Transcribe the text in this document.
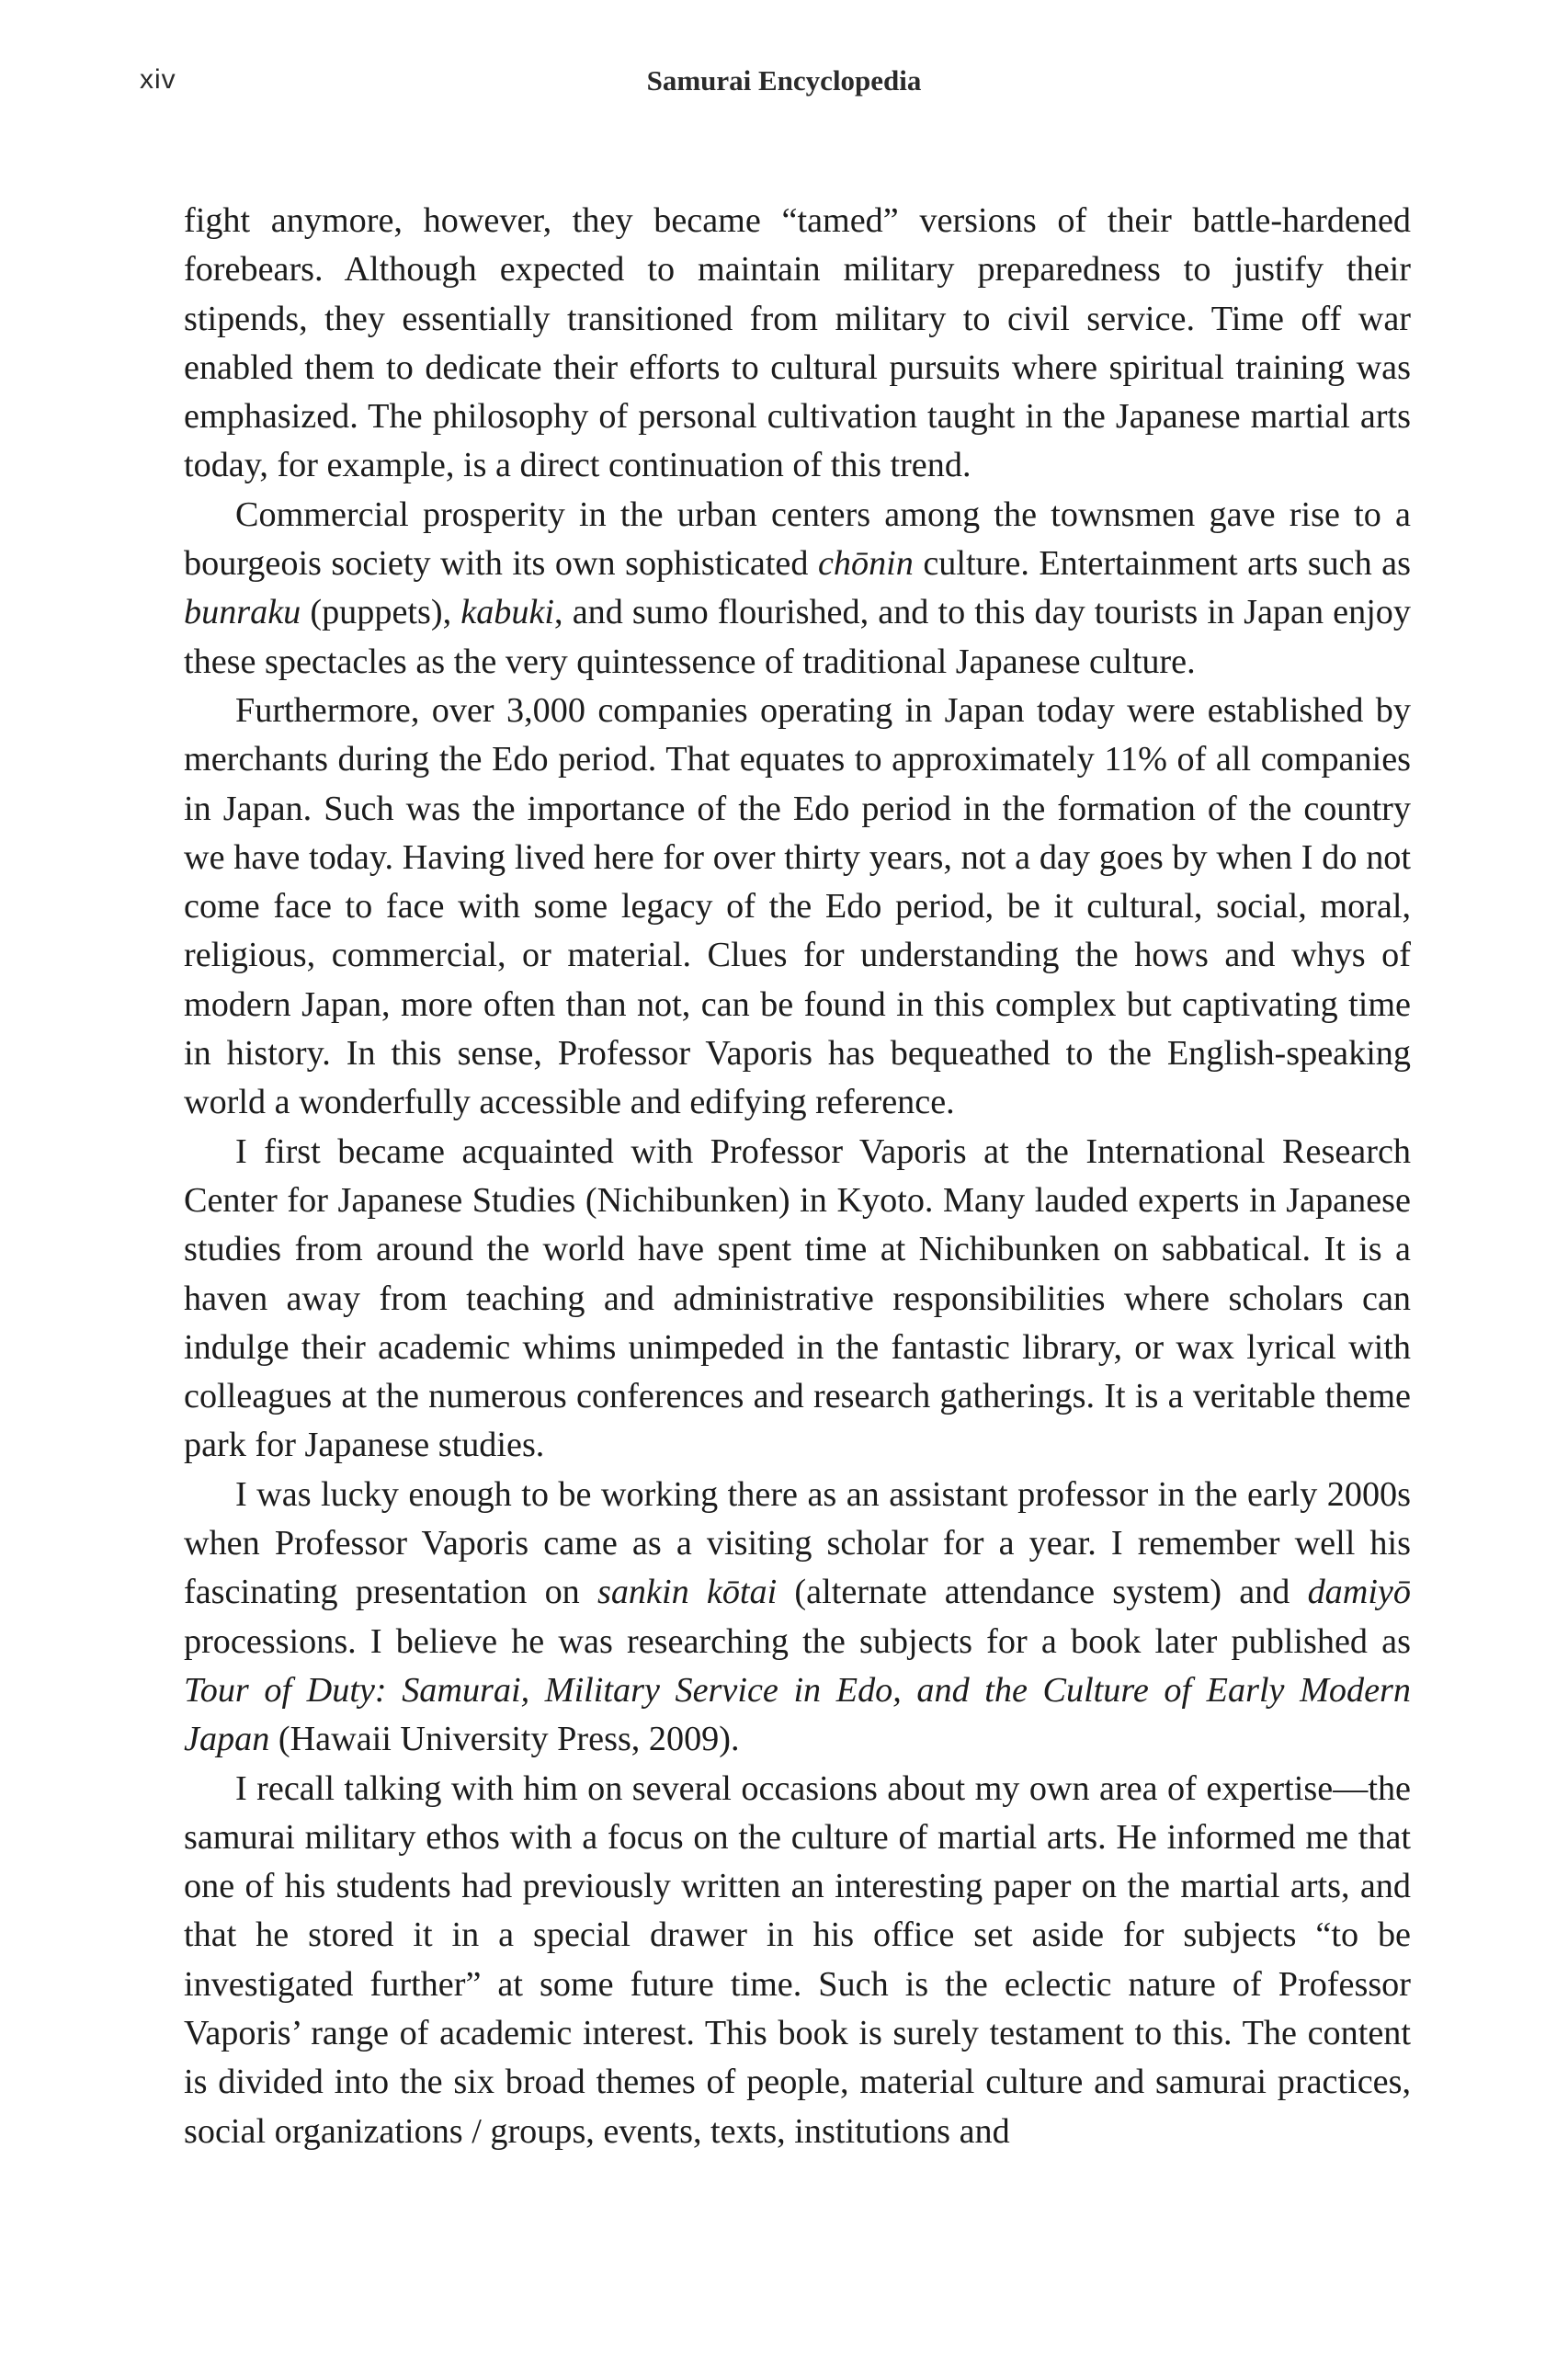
xiv	Samurai Encyclopedia

fight anymore, however, they became “tamed” versions of their battle-hardened forebears. Although expected to maintain military preparedness to justify their stipends, they essentially transitioned from military to civil service. Time off war enabled them to dedicate their efforts to cultural pursuits where spiritual training was emphasized. The philosophy of personal cultivation taught in the Japanese martial arts today, for example, is a direct continuation of this trend.

Commercial prosperity in the urban centers among the townsmen gave rise to a bourgeois society with its own sophisticated chōnin culture. Entertainment arts such as bunraku (puppets), kabuki, and sumo flourished, and to this day tourists in Japan enjoy these spectacles as the very quintessence of traditional Japanese culture.

Furthermore, over 3,000 companies operating in Japan today were established by merchants during the Edo period. That equates to approximately 11% of all companies in Japan. Such was the importance of the Edo period in the formation of the country we have today. Having lived here for over thirty years, not a day goes by when I do not come face to face with some legacy of the Edo period, be it cultural, social, moral, religious, commercial, or material. Clues for understanding the hows and whys of modern Japan, more often than not, can be found in this complex but captivating time in history. In this sense, Professor Vaporis has bequeathed to the English-speaking world a wonderfully accessible and edifying reference.

I first became acquainted with Professor Vaporis at the International Research Center for Japanese Studies (Nichibunken) in Kyoto. Many lauded experts in Japanese studies from around the world have spent time at Nichibunken on sabbatical. It is a haven away from teaching and administrative responsibilities where scholars can indulge their academic whims unimpeded in the fantastic library, or wax lyrical with colleagues at the numerous conferences and research gatherings. It is a veritable theme park for Japanese studies.

I was lucky enough to be working there as an assistant professor in the early 2000s when Professor Vaporis came as a visiting scholar for a year. I remember well his fascinating presentation on sankin kōtai (alternate attendance system) and damiyō processions. I believe he was researching the subjects for a book later published as Tour of Duty: Samurai, Military Service in Edo, and the Culture of Early Modern Japan (Hawaii University Press, 2009).

I recall talking with him on several occasions about my own area of expertise—the samurai military ethos with a focus on the culture of martial arts. He informed me that one of his students had previously written an interesting paper on the martial arts, and that he stored it in a special drawer in his office set aside for subjects “to be investigated further” at some future time. Such is the eclectic nature of Professor Vaporis’ range of academic interest. This book is surely testament to this. The content is divided into the six broad themes of people, material culture and samurai practices, social organizations / groups, events, texts, institutions and
